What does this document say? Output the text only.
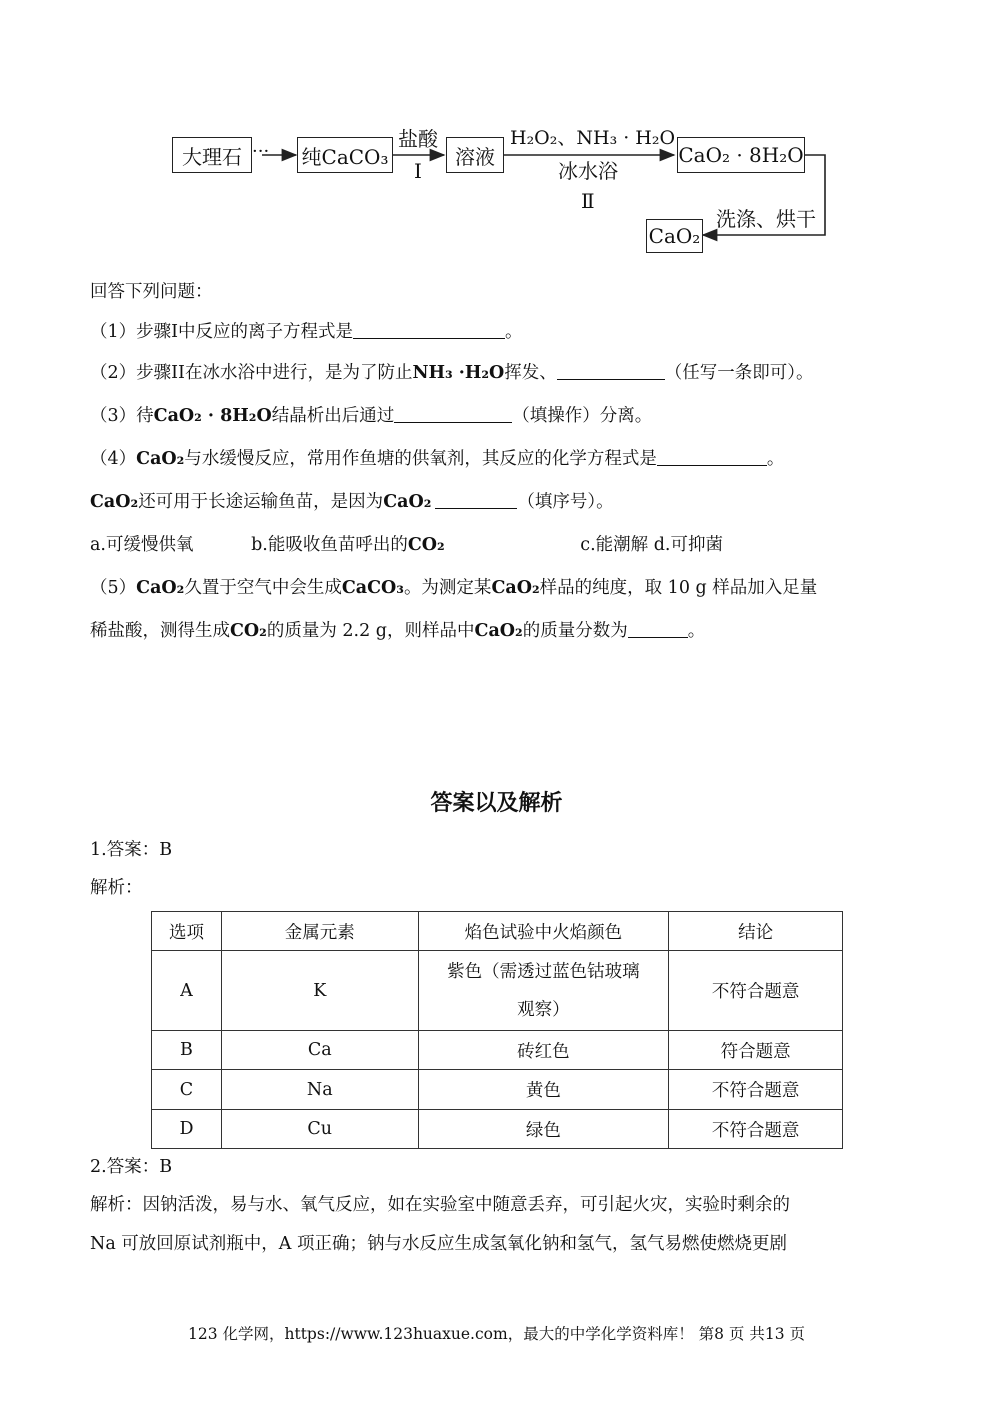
大理石 ··· 纯CaCO₃
盐酸
I
溶液
H₂O₂、NH₃ · H₂O
冰水浴
Ⅱ
CaO₂ · 8H₂O
洗涤、烘干
CaO₂
回答下列问题：
（1）步骤I中反应的离子方程式是	。
（2）步骤II在冰水浴中进行，是为了防止NH₃ ·H₂O挥发、	（任写一条即可）。
（3）待CaO₂ · 8H₂O结晶析出后通过	（填操作）分离。
（4）CaO₂与水缓慢反应，常用作鱼塘的供氧剂，其反应的化学方程式是	。
CaO₂还可用于长途运输鱼苗，是因为CaO₂	（填序号）。
a.可缓慢供氧	b.能吸收鱼苗呼出的CO₂	c.能潮解 d.可抑菌
（5）CaO₂久置于空气中会生成CaCO₃。为测定某CaO₂样品的纯度，取 10 g 样品加入足量
稀盐酸，测得生成CO₂的质量为 2.2 g，则样品中CaO₂的质量分数为	。
答案以及解析
1.答案：B
解析：
选项	金属元素	焰色试验中火焰颜色	结论
A	K	紫色（需透过蓝色钴玻璃
观察）	不符合题意
B	Ca	砖红色	符合题意
C	Na	黄色	不符合题意
D	Cu	绿色	不符合题意
2.答案：B
解析：因钠活泼，易与水、氧气反应，如在实验室中随意丢弃，可引起火灾，实验时剩余的
Na 可放回原试剂瓶中，A 项正确；钠与水反应生成氢氧化钠和氢气，氢气易燃使燃烧更剧
123 化学网，https://www.123huaxue.com，最大的中学化学资料库！ 第8 页 共13 页
